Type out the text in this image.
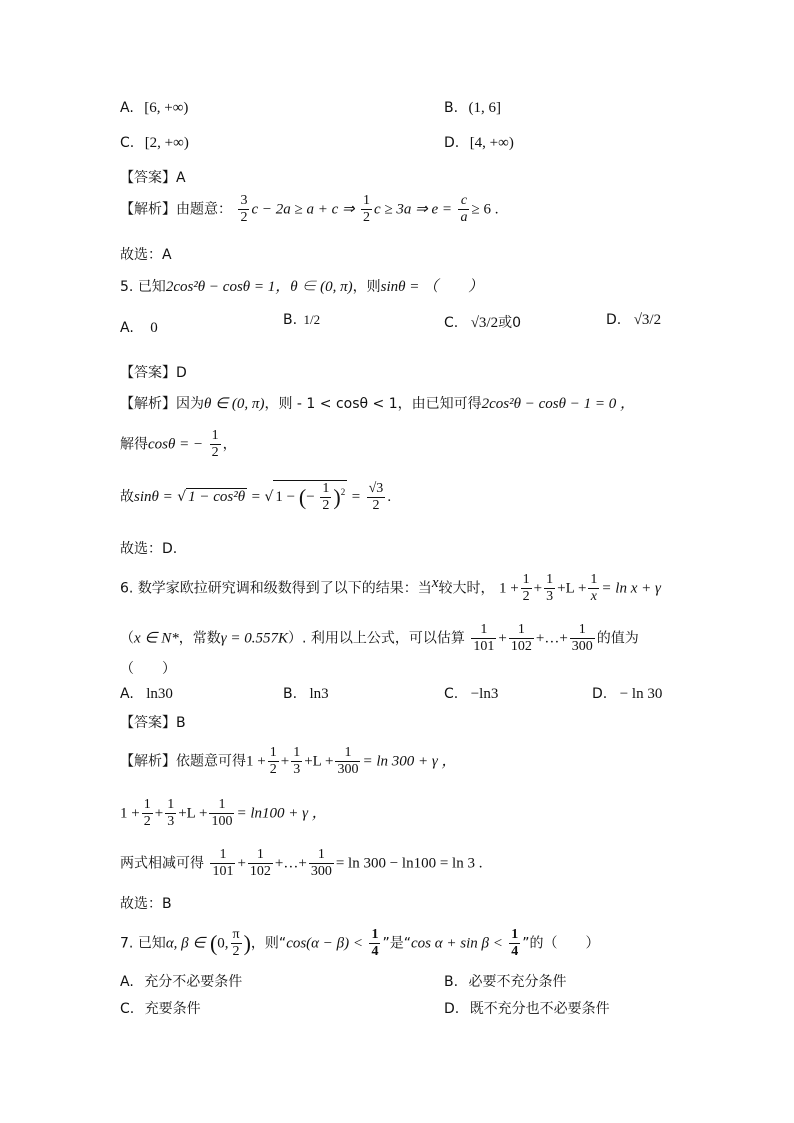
A. [6, +∞)	B. (1, 6]
C. [2, +∞)	D. [4, +∞)
【答案】A
【解析】由题意： $\frac{3}{2}$ c − 2a ≥ a + c ⇒ $\frac{1}{2}$ c ≥ 3a ⇒ $e = \frac{c}{a} \ge 6$ .
故选：A
5. 已知2cos²θ − cosθ = 1，θ ∈ (0, π)，则sinθ = （　　）
A. 0	B. 1/2	C. √3/2或0	D. √3/2
【答案】D
【解析】因为θ ∈ (0, π)，则 - 1 < cosθ < 1，由已知可得2cos²θ − cosθ − 1 = 0 ，
解得cosθ = − $\frac{1}{2}$ ，
故sinθ = √ 1 − cos²θ = √ 1 − (− $\frac{1}{2} )^2 = \frac{√3}{2}$ .
故选：D.
6. 数学家欧拉研究调和级数得到了以下的结果：当$^x$较大时， $1 + \frac{1}{2} + \frac{1}{3} +L + \frac{1}{x} = \ln x + \gamma$
（x ∈ N*，常数γ = 0.557K）. 利用以上公式，可以估算 $\frac{1}{101} + \frac{1}{102}$ +…+ $\frac{1}{300}$ 的值为
（　　）
A. ln30	B. ln3	C. −ln3	D. − ln 30
【答案】B
【解析】依题意可得$1 + \frac{1}{2} + \frac{1}{3} +L + \frac{1}{300} = \ln 300 + \gamma$ ，
$1 + \frac{1}{2} + \frac{1}{3} +L + \frac{1}{100} = \ln 100 + \gamma$ ，
两式相减可得 $\frac{1}{101} + \frac{1}{102}$ +…+ $\frac{1}{300} = \ln 300 - \ln 100 = \ln 3$ .
故选：B
7. 已知α, β ∈ (0, $\frac{\pi}{2}$ )，则“$\cos(\alpha - \beta) < \frac{1}{4}$ ”是“cos $\alpha + \sin \beta < \frac{1}{4}$ ”的（　　）
A. 充分不必要条件	B. 必要不充分条件
C. 充要条件	D. 既不充分也不必要条件
